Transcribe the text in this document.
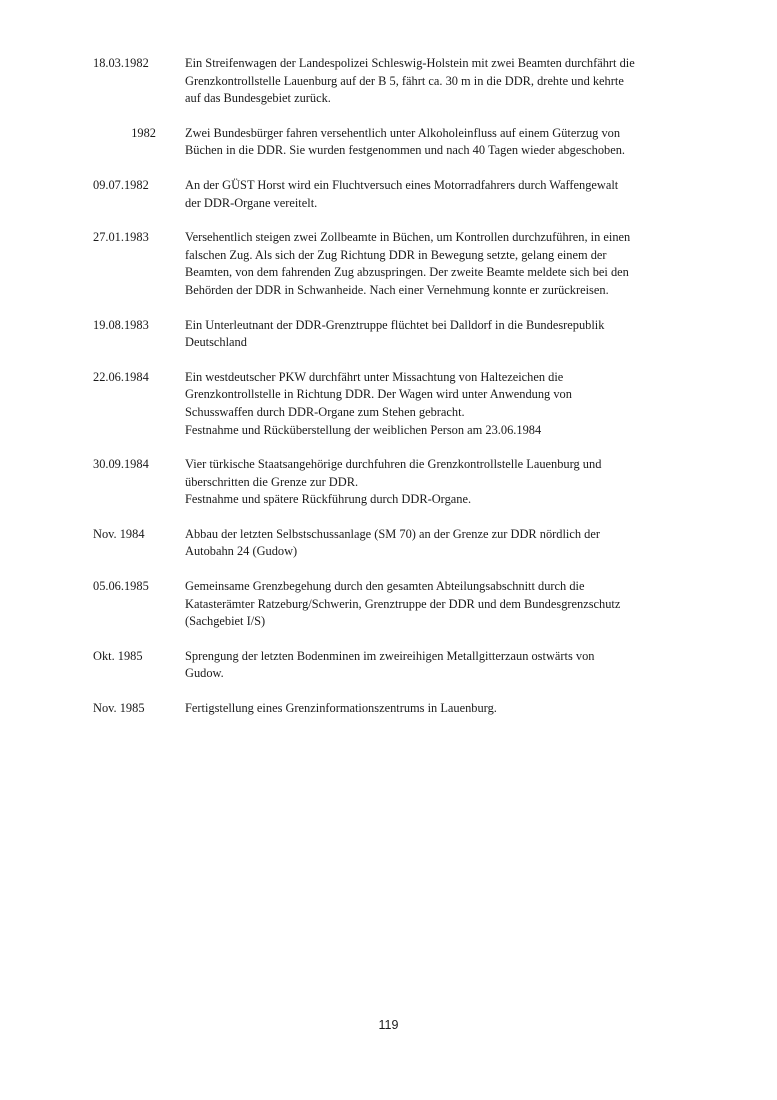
18.03.1982	Ein Streifenwagen der Landespolizei Schleswig-Holstein mit zwei Beamten durchfährt die
Grenzkontrollstelle Lauenburg auf der B 5, fährt ca. 30 m in die DDR, drehte und kehrte
auf das Bundesgebiet zurück.
1982 Zwei Bundesbürger fahren versehentlich unter Alkoholeinfluss auf einem Güterzug von
Büchen in die DDR. Sie wurden festgenommen und nach 40 Tagen wieder abgeschoben.
09.07.1982	An der GÜST Horst wird ein Fluchtversuch eines Motorradfahrers durch Waffengewalt
der DDR-Organe vereitelt.
27.01.1983	Versehentlich steigen zwei Zollbeamte in Büchen, um Kontrollen durchzuführen, in einen
falschen Zug. Als sich der Zug Richtung DDR in Bewegung setzte, gelang einem der
Beamten, von dem fahrenden Zug abzuspringen. Der zweite Beamte meldete sich bei den
Behörden der DDR in Schwanheide. Nach einer Vernehmung konnte er zurückreisen.
19.08.1983	Ein Unterleutnant der DDR-Grenztruppe flüchtet bei Dalldorf in die Bundesrepublik
Deutschland
22.06.1984	Ein westdeutscher PKW durchfährt unter Missachtung von Haltezeichen die
Grenzkontrollstelle in Richtung DDR. Der Wagen wird unter Anwendung von
Schusswaffen durch DDR-Organe zum Stehen gebracht.
Festnahme und Rücküberstellung der weiblichen Person am 23.06.1984
30.09.1984	Vier türkische Staatsangehörige durchfuhren die Grenzkontrollstelle Lauenburg und
überschritten die Grenze zur DDR.
Festnahme und spätere Rückführung durch DDR-Organe.
Nov. 1984	Abbau der letzten Selbstschussanlage (SM 70) an der Grenze zur DDR nördlich der
Autobahn 24 (Gudow)
05.06.1985	Gemeinsame Grenzbegehung durch den gesamten Abteilungsabschnitt durch die
Katasterämter Ratzeburg/Schwerin, Grenztruppe der DDR und dem Bundesgrenzschutz
(Sachgebiet I/S)
Okt. 1985	Sprengung der letzten Bodenminen im zweireihigen Metallgitterzaun ostwärts von
Gudow.
Nov. 1985	Fertigstellung eines Grenzinformationszentrums in Lauenburg.
119
